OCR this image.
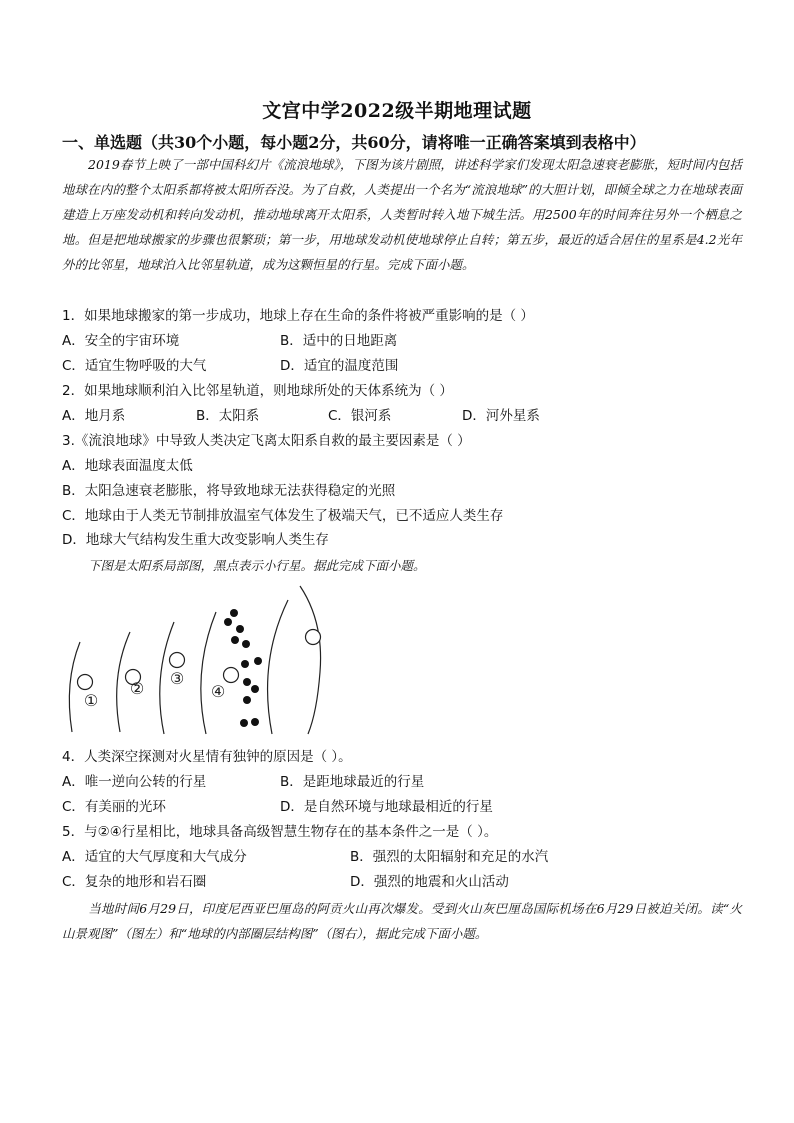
文宫中学2022级半期地理试题
一、单选题（共30个小题，每小题2分，共60分，请将唯一正确答案填到表格中）
2019春节上映了一部中国科幻片《流浪地球》，下图为该片剧照，讲述科学家们发现太阳急速衰老膨胀，短时间内包括地球在内的整个太阳系都将被太阳所吞没。为了自救，人类提出一个名为“流浪地球”的大胆计划，即倾全球之力在地球表面建造上万座发动机和转向发动机，推动地球离开太阳系，人类暂时转入地下城生活。用2500年的时间奔往另外一个栖息之地。但是把地球搬家的步骤也很繁琐；第一步，用地球发动机使地球停止自转；第五步，最近的适合居住的星系是4.2光年外的比邻星，地球泊入比邻星轨道，成为这颗恒星的行星。完成下面小题。
1．如果地球搬家的第一步成功，地球上存在生命的条件将被严重影响的是（ ）
A．安全的宇宙环境	B．适中的日地距离
C．适宜生物呼吸的大气	D．适宜的温度范围
2．如果地球顺利泊入比邻星轨道，则地球所处的天体系统为（ ）
A．地月系	B．太阳系	C．银河系	D．河外星系
3.《流浪地球》中导致人类决定飞离太阳系自救的最主要因素是（ ）
A．地球表面温度太低
B．太阳急速衰老膨胀，将导致地球无法获得稳定的光照
C．地球由于人类无节制排放温室气体发生了极端天气，已不适应人类生存
D．地球大气结构发生重大改变影响人类生存
下图是太阳系局部图，黑点表示小行星。据此完成下面小题。
①
②
③
④
4．人类深空探测对火星情有独钟的原因是（ ）。
A．唯一逆向公转的行星	B．是距地球最近的行星
C．有美丽的光环	D．是自然环境与地球最相近的行星
5．与②④行星相比，地球具备高级智慧生物存在的基本条件之一是（ ）。
A．适宜的大气厚度和大气成分	B．强烈的太阳辐射和充足的水汽
C．复杂的地形和岩石圈	D．强烈的地震和火山活动
当地时间6月29日，印度尼西亚巴厘岛的阿贡火山再次爆发。受到火山灰巴厘岛国际机场在6月29日被迫关闭。读“火山景观图”（图左）和“地球的内部圈层结构图”（图右），据此完成下面小题。
